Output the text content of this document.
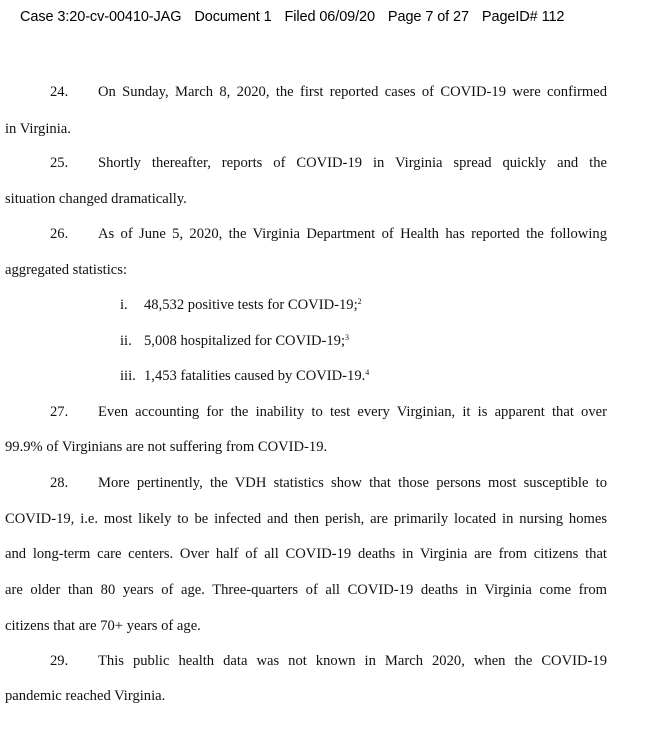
Case 3:20-cv-00410-JAG Document 1 Filed 06/09/20 Page 7 of 27 PageID# 112
24. On Sunday, March 8, 2020, the first reported cases of COVID-19 were confirmed
in Virginia.
25. Shortly thereafter, reports of COVID-19 in Virginia spread quickly and the
situation changed dramatically.
26. As of June 5, 2020, the Virginia Department of Health has reported the following
aggregated statistics:
i. 48,532 positive tests for COVID-19;$^2$
ii. 5,008 hospitalized for COVID-19;$^3$
iii. 1,453 fatalities caused by COVID-19.$^4$
27. Even accounting for the inability to test every Virginian, it is apparent that over
99.9% of Virginians are not suffering from COVID-19.
28. More pertinently, the VDH statistics show that those persons most susceptible to
COVID-19, i.e. most likely to be infected and then perish, are primarily located in nursing homes
and long-term care centers. Over half of all COVID-19 deaths in Virginia are from citizens that
are older than 80 years of age. Three-quarters of all COVID-19 deaths in Virginia come from
citizens that are 70+ years of age.
29. This public health data was not known in March 2020, when the COVID-19
pandemic reached Virginia.
